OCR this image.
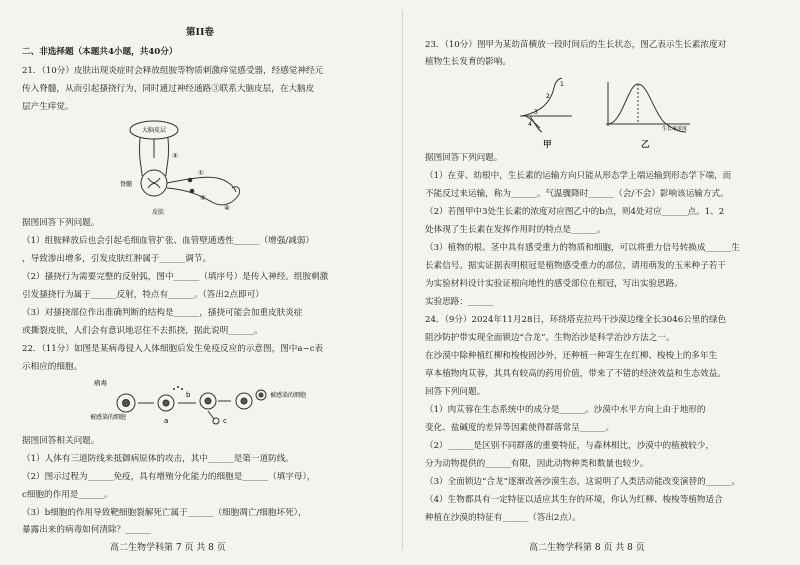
第II卷
二、非选择题（本题共4小题，共40分）
21．（10分）皮肤出现炎症时会释放组胺等物质刺激痒觉感受器，经感觉神经元
传入脊髓，从而引起搔挠行为，同时通过神经通路③联系大脑皮层，在大脑皮
层产生痒觉。
大脑皮层
脊髓
皮肤
③
①
②
④
据图回答下列问题。
（1）组胺释放后也会引起毛细血管扩张、血管壁通透性______（增强/减弱）
，导致渗出增多，引发皮肤红肿属于______调节。
（2）搔挠行为需要完整的反射弧，图中______（填序号）是传入神经。组胺刺激
引发搔挠行为属于______反射，特点有______。（答出2点即可）
（3）对搔挠部位作出准确判断的结构是______，搔挠可能会加重皮肤炎症
或撕裂皮肤，人们会有意识地忍住不去抓挠，据此说明______。
22．（11分）如图是某病毒侵入人体细胞后发生免疫反应的示意图，图中a~c表
示相应的细胞。
病毒
被感染的细胞
被感染的细胞
a
b
c
据图回答相关问题。
（1）人体有三道防线来抵御病原体的攻击，其中______是第一道防线。
（2）图示过程为______免疫，具有增殖分化能力的细胞是______（填字母），
c细胞的作用是______。
（3）b细胞的作用导致靶细胞裂解死亡属于______（细胞凋亡/细胞坏死），
暴露出来的病毒如何清除？______
高二生物学科第 7 页 共 8 页
23．（10分）图甲为某幼苗横放一段时间后的生长状态，图乙表示生长素浓度对
植物生长发育的影响。
1
2
3
4
生长素浓度
甲	乙
据图回答下列问题。
（1）在芽、幼根中，生长素的运输方向只能从形态学上端运输到形态学下端，而
不能反过来运输，称为______。气温骤降时______（会/不会）影响该运输方式。
（2）若图甲中3处生长素的浓度对应图乙中的b点，则4处对应______点。1、2
处体现了生长素在发挥作用时的特点是______。
（3）植物的根、茎中具有感受重力的物质和细胞，可以将重力信号转换成______生
长素信号。据实证据表明根冠是植物感受重力的部位，请用萌发的玉米种子若干
为实验材料设计实验证根向地性的感受部位在根冠，写出实验思路。
实验思路：______
24．（9分）2024年11月28日，环绕塔克拉玛干沙漠边缘全长3046公里的绿色
阻沙防护带实现全面锁边“合龙”。生物治沙是科学治沙方法之一。
在沙漠中除种植红柳和梭梭固沙外，还种植一种寄生在红柳、梭梭上的多年生
草本植物肉苁蓉，其具有较高的药用价值，带来了不错的经济效益和生态效益。
回答下列问题。
（1）肉苁蓉在生态系统中的成分是______。沙漠中水平方向上由于地形的
变化、盐碱度的差异等因素使得群落常呈______。
（2）______是区别不同群落的重要特征，与森林相比，沙漠中的植被较少，
分为动物提供的______有限，因此动物种类和数量也较少。
（3）全面锁边“合龙”逐渐改善沙漠生态，这说明了人类活动能改变演替的______。
（4）生物都具有一定特征以适应其生存的环境，你认为红柳、梭梭等植物适合
种植在沙漠的特征有______（答出2点）。
高二生物学科第 8 页 共 8 页
